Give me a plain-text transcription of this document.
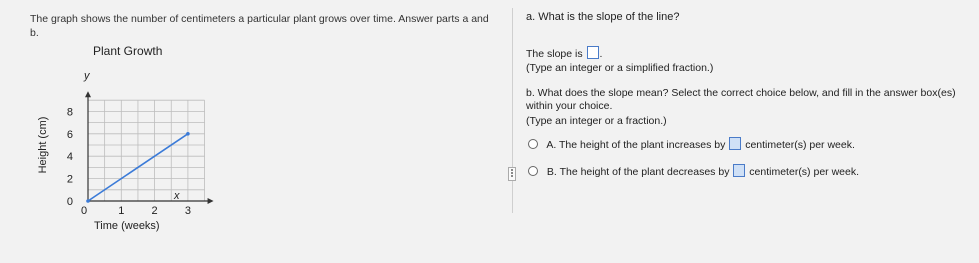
The graph shows the number of centimeters a particular plant grows over time. Answer parts a and b.
Plant Growth
0	1 2 3
0
2
4
6
8
Time (weeks)
Height (cm)
y
x
a. What is the slope of the line?
The slope is .
(Type an integer or a simplified fraction.)
b. What does the slope mean? Select the correct choice below, and fill in the answer box(es) within your choice.
(Type an integer or a fraction.)
A. The height of the plant increases by centimeter(s) per week.
B. The height of the plant decreases by centimeter(s) per week.
